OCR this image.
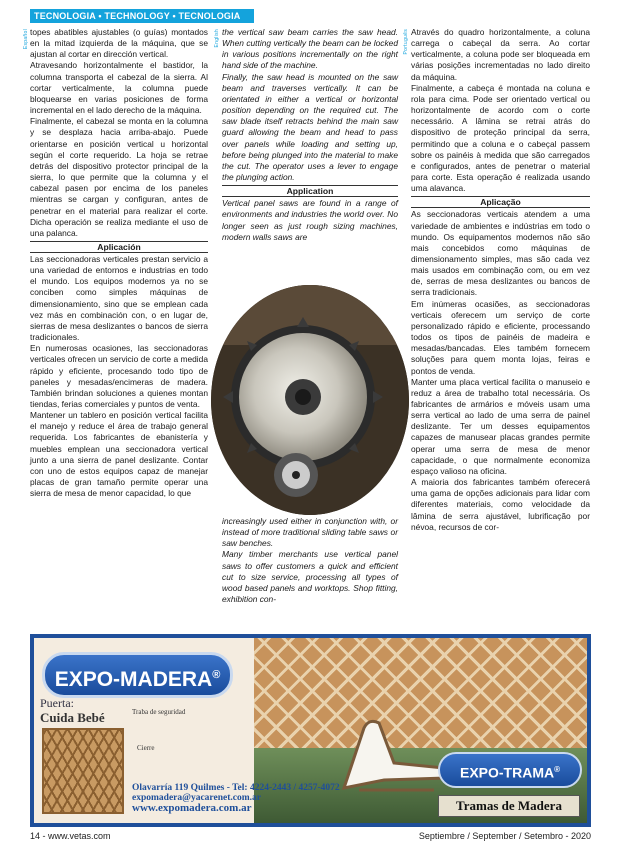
TECNOLOGIA • TECHNOLOGY • TECNOLOGIA
Español	English	Português

topes abatibles ajustables (o guías) montados en la mitad izquierda de la máquina, que se ajustan al cortar en dirección vertical.

Atravesando horizontalmente el bastidor, la columna transporta el cabezal de la sierra. Al cortar verticalmente, la columna puede bloquearse en varias posiciones de forma incremental en el lado derecho de la máquina.

Finalmente, el cabezal se monta en la columna y se desplaza hacia arriba-abajo. Puede orientarse en posición vertical u horizontal según el corte requerido. La hoja se retrae detrás del dispositivo protector principal de la sierra, lo que permite que la columna y el cabezal pasen por encima de los paneles mientras se cargan y configuran, antes de penetrar en el material para realizar el corte. Dicha operación se realiza mediante el uso de una palanca.

Aplicación

Las seccionadoras verticales prestan servicio a una variedad de entornos e industrias en todo el mundo. Los equipos modernos ya no se conciben como simples máquinas de dimensionamiento, sino que se emplean cada vez más en combinación con, o en lugar de, sierras de mesa deslizantes o bancos de sierra tradicionales.

En numerosas ocasiones, las seccionadoras verticales ofrecen un servicio de corte a medida rápido y eficiente, procesando todo tipo de paneles y mesadas/encimeras de madera. También brindan soluciones a quienes montan tiendas, ferias comerciales y puntos de venta.

Mantener un tablero en posición vertical facilita el manejo y reduce el área de trabajo general requerida. Los fabricantes de ebanistería y muebles emplean una seccionadora vertical junto a una sierra de panel deslizante. Contar con uno de estos equipos capaz de manejar placas de gran tamaño permite operar una sierra de mesa de menor capacidad, lo que

the vertical saw beam carries the saw head. When cutting vertically the beam can be locked in various positions incrementally on the right hand side of the machine.

Finally, the saw head is mounted on the saw beam and traverses vertically. It can be orientated in either a vertical or horizontal position depending on the required cut. The saw blade itself retracts behind the main saw guard allowing the beam and head to pass over panels while loading and setting up, before being plunged into the material to make the cut. The operator uses a lever to engage the plunging action.

Application

Vertical panel saws are found in a range of environments and industries the world over. No longer seen as just rough sizing machines, modern walls saws are

increasingly used either in conjunction with, or instead of more traditional sliding table saws or saw benches.

Many timber merchants use vertical panel saws to offer customers a quick and efficient cut to size service, processing all types of wood based panels and worktops. Shop fitting, exhibition con-

Através do quadro horizontalmente, a coluna carrega o cabeçal da serra. Ao cortar verticalmente, a coluna pode ser bloqueada em várias posições incrementadas no lado direito da máquina.

Finalmente, a cabeça é montada na coluna e rola para cima. Pode ser orientado vertical ou horizontalmente de acordo com o corte necessário. A lâmina se retrai atrás do dispositivo de proteção principal da serra, permitindo que a coluna e o cabeçal passem sobre os painéis à medida que são carregados e configurados, antes de penetrar o material para corte. Esta operação é realizada usando uma alavanca.

Aplicação

As seccionadoras verticais atendem a uma variedade de ambientes e indústrias em todo o mundo. Os equipamentos modernos não são mais concebidos como máquinas de dimensionamento simples, mas são cada vez mais usados em combinação com, ou em vez de, serras de mesa deslizantes ou bancos de serra tradicionais.

Em inúmeras ocasiões, as seccionadoras verticais oferecem um serviço de corte personalizado rápido e eficiente, processando todos os tipos de painéis de madeira e mesadas/bancadas. Eles também fornecem soluções para quem monta lojas, feiras e pontos de venda.

Manter uma placa vertical facilita o manuseio e reduz a área de trabalho total necessária. Os fabricantes de armários e móveis usam uma serra vertical ao lado de uma serra de painel deslizante. Ter um desses equipamentos capazes de manusear placas grandes permite operar uma serra de mesa de menor capacidade, o que normalmente economiza espaço valioso na oficina.

A maioria dos fabricantes também oferecerá uma gama de opções adicionais para lidar com diferentes materiais, como velocidade da lâmina de serra ajustável, lubrificação por névoa, recursos de cor-

EXPO-MADERA®
Puerta:
Cuida Bebé	Traba de seguridad
Cierre
Olavarría 119 Quilmes - Tel: 4224-2443 / 4257-4072
expomadera@yacarenet.com.ar
www.expomadera.com.ar
EXPO-TRAMA®
Tramas de Madera
14 - www.vetas.com	Septiembre / September / Setembro - 2020
